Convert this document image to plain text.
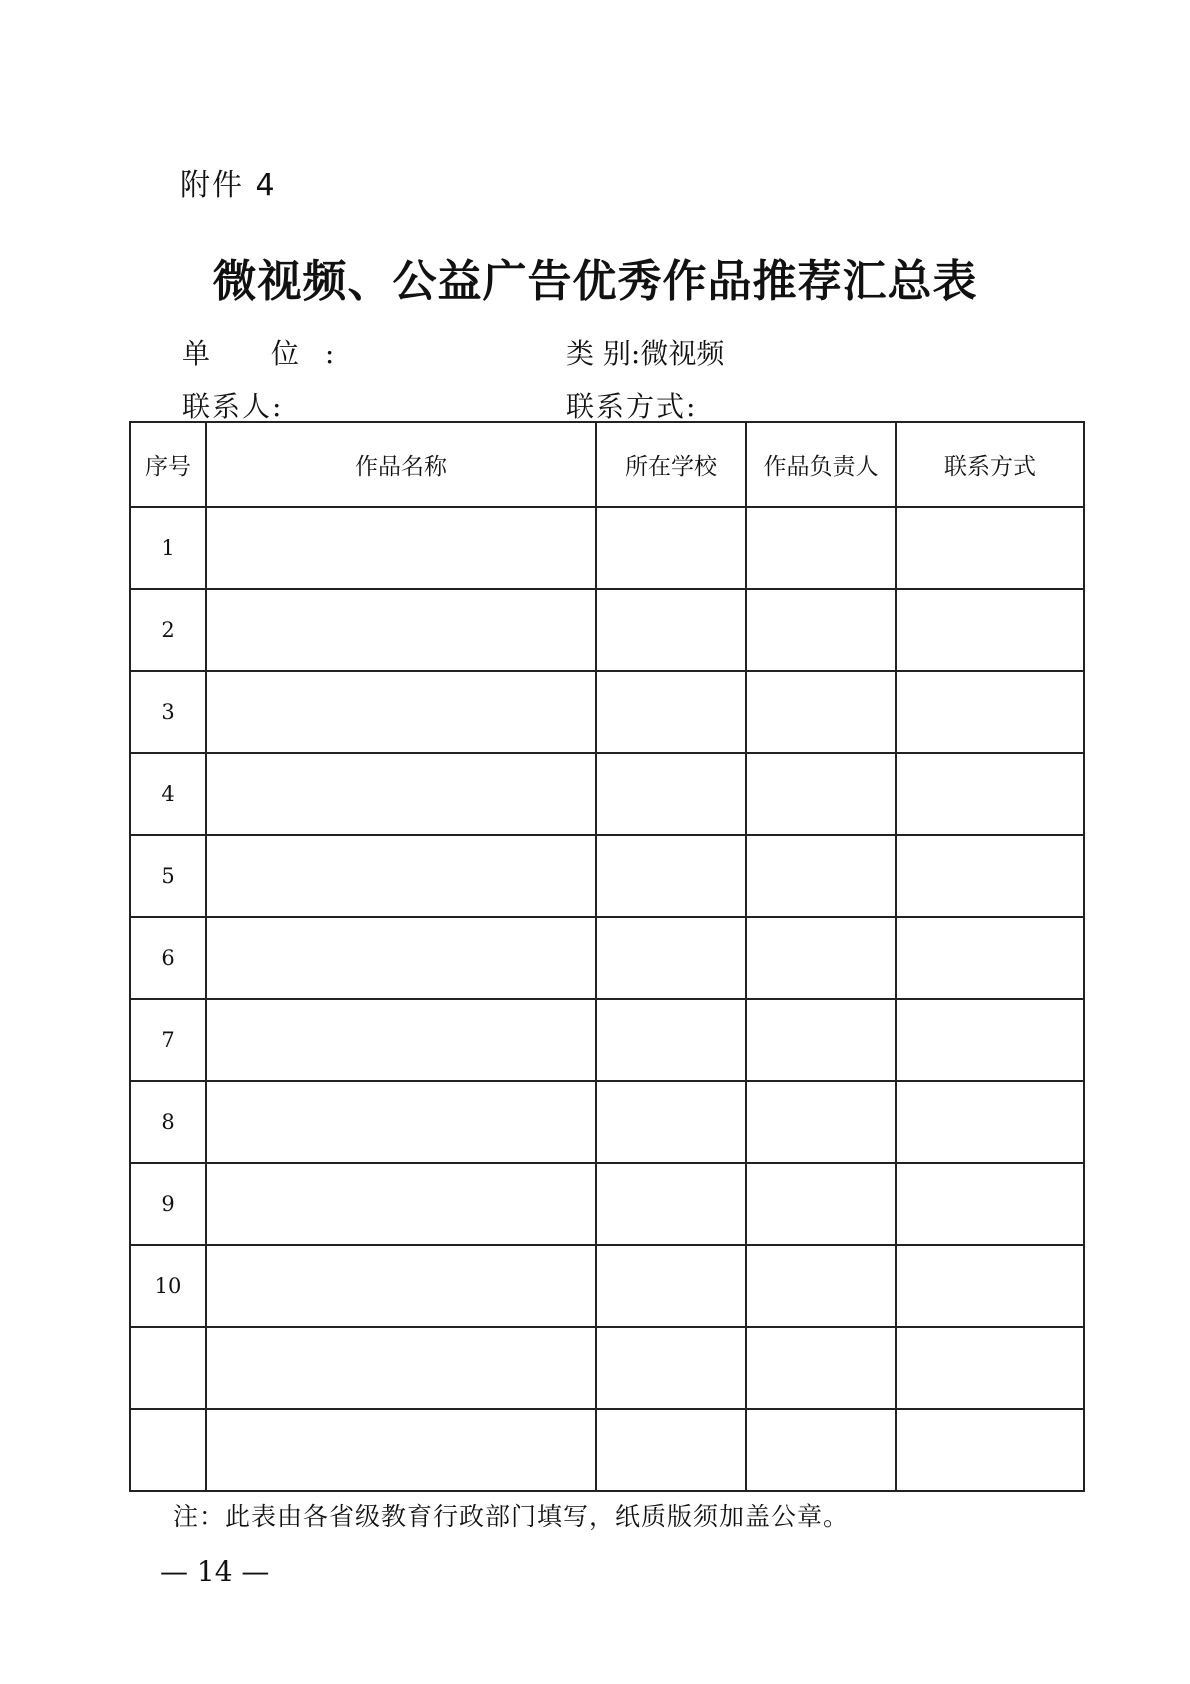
附件 4
微视频、公益广告优秀作品推荐汇总表
单 位:	类 别:微视频
联系人:	联系方式:
序号	作品名称	所在学校	作品负责人	联系方式
1				
2				
3				
4				
5				
6				
7				
8				
9				
10				

注：此表由各省级教育行政部门填写，纸质版须加盖公章。
— 14 —
